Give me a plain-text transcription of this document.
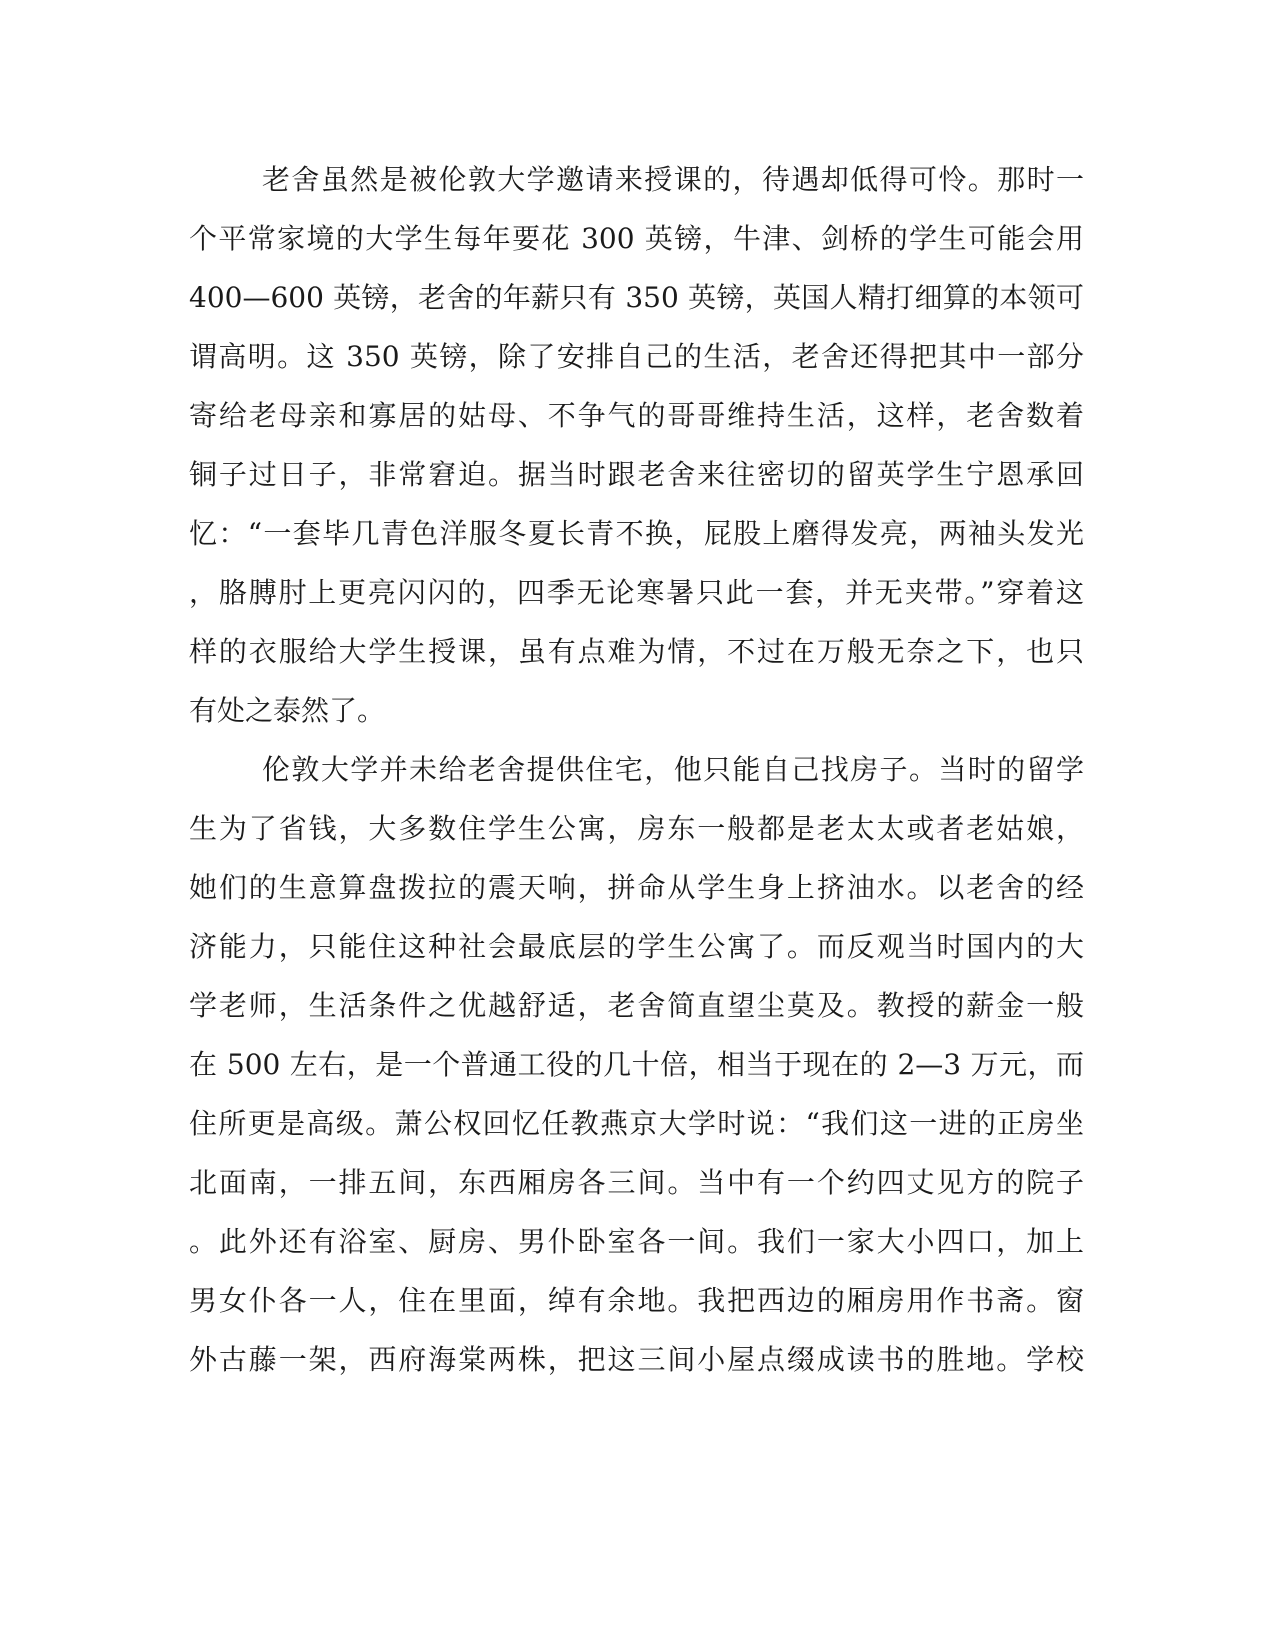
老舍虽然是被伦敦大学邀请来授课的，待遇却低得可怜。那时一
个平常家境的大学生每年要花 300 英镑，牛津、剑桥的学生可能会用
400—600 英镑，老舍的年薪只有 350 英镑，英国人精打细算的本领可
谓高明。这 350 英镑，除了安排自己的生活，老舍还得把其中一部分
寄给老母亲和寡居的姑母、不争气的哥哥维持生活，这样，老舍数着
铜子过日子，非常窘迫。据当时跟老舍来往密切的留英学生宁恩承回
忆：“一套毕几青色洋服冬夏长青不换，屁股上磨得发亮，两袖头发光
，胳膊肘上更亮闪闪的，四季无论寒暑只此一套，并无夹带。”穿着这
样的衣服给大学生授课，虽有点难为情，不过在万般无奈之下，也只
有处之泰然了。
伦敦大学并未给老舍提供住宅，他只能自己找房子。当时的留学
生为了省钱，大多数住学生公寓，房东一般都是老太太或者老姑娘，
她们的生意算盘拨拉的震天响，拼命从学生身上挤油水。以老舍的经
济能力，只能住这种社会最底层的学生公寓了。而反观当时国内的大
学老师，生活条件之优越舒适，老舍简直望尘莫及。教授的薪金一般
在 500 左右，是一个普通工役的几十倍，相当于现在的 2—3 万元，而
住所更是高级。萧公权回忆任教燕京大学时说：“我们这一进的正房坐
北面南，一排五间，东西厢房各三间。当中有一个约四丈见方的院子
。此外还有浴室、厨房、男仆卧室各一间。我们一家大小四口，加上
男女仆各一人，住在里面，绰有余地。我把西边的厢房用作书斋。窗
外古藤一架，西府海棠两株，把这三间小屋点缀成读书的胜地。学校
